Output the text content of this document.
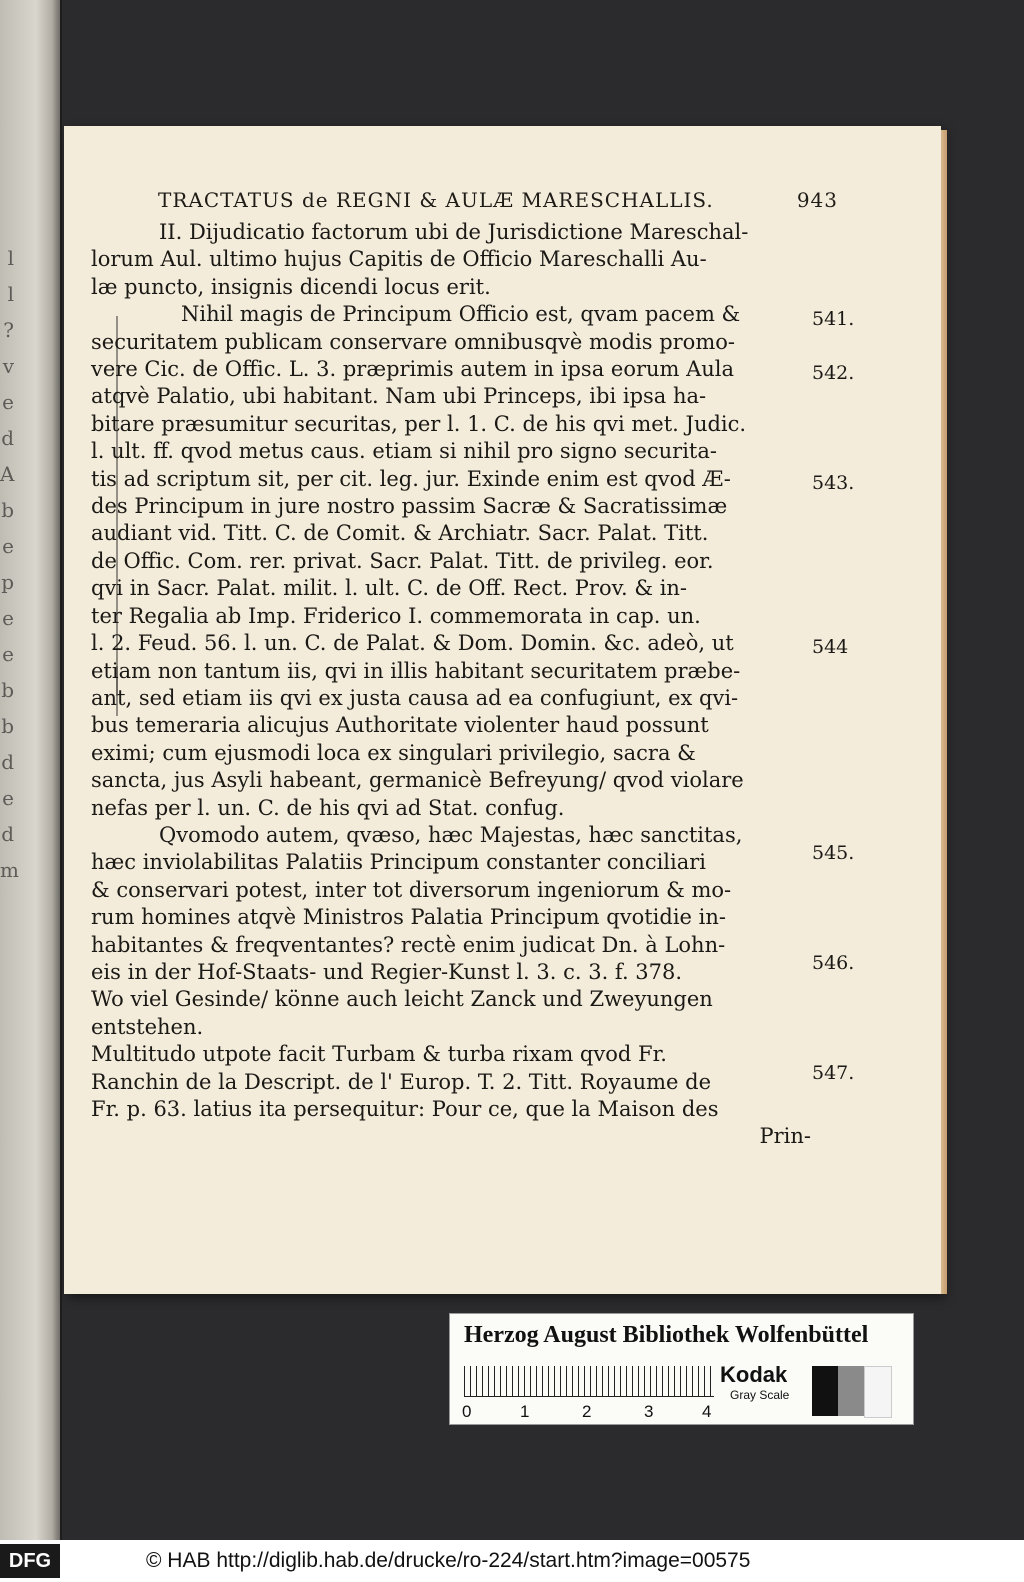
l
l
?
v
e
d
A
b
e
p
e
e
b
b
d
e
d
m
TRACTATUS de REGNI & AULÆ MARESCHALLIS.	943

II. Dijudicatio factorum ubi de Jurisdictione Mareschal-

lorum Aul. ultimo hujus Capitis de Officio Mareschalli Au-

læ puncto, insignis dicendi locus erit.

Nihil magis de Principum Officio est, qvam pacem &

securitatem publicam conservare omnibusqvè modis promo-

vere Cic. de Offic. L. 3. præprimis autem in ipsa eorum Aula

atqvè Palatio, ubi habitant. Nam ubi Princeps, ibi ipsa ha-

bitare præsumitur securitas, per l. 1. C. de his qvi met. Judic.

l. ult. ff. qvod metus caus. etiam si nihil pro signo securita-

tis ad scriptum sit, per cit. leg. jur. Exinde enim est qvod Æ-

des Principum in jure nostro passim Sacræ & Sacratissimæ

audiant vid. Titt. C. de Comit. & Archiatr. Sacr. Palat. Titt.

de Offic. Com. rer. privat. Sacr. Palat. Titt. de privileg. eor.

qvi in Sacr. Palat. milit. l. ult. C. de Off. Rect. Prov. & in-

ter Regalia ab Imp. Friderico I. commemorata in cap. un.

l. 2. Feud. 56. l. un. C. de Palat. & Dom. Domin. &c. adeò, ut

etiam non tantum iis, qvi in illis habitant securitatem præbe-

ant, sed etiam iis qvi ex justa causa ad ea confugiunt, ex qvi-

bus temeraria alicujus Authoritate violenter haud possunt

eximi; cum ejusmodi loca ex singulari privilegio, sacra &

sancta, jus Asyli habeant, germanicè Befreyung/ qvod violare

nefas per l. un. C. de his qvi ad Stat. confug.

Qvomodo autem, qvæso, hæc Majestas, hæc sanctitas,

hæc inviolabilitas Palatiis Principum constanter conciliari

& conservari potest, inter tot diversorum ingeniorum & mo-

rum homines atqvè Ministros Palatia Principum qvotidie in-

habitantes & freqventantes? rectè enim judicat Dn. à Lohn-

eis in der Hof-Staats- und Regier-Kunst l. 3. c. 3. f. 378.

Wo viel Gesinde/ könne auch leicht Zanck und Zweyungen entstehen.

Multitudo utpote facit Turbam & turba rixam qvod Fr.

Ranchin de la Descript. de l' Europ. T. 2. Titt. Royaume de

Fr. p. 63. latius ita persequitur: Pour ce, que la Maison des

Prin-

541.
542.
543.
544
545.
546.
547.
Herzog August Bibliothek Wolfenbüttel
0	1	2	3	4
Kodak
Gray Scale
DFG	© HAB http://diglib.hab.de/drucke/ro-224/start.htm?image=00575
